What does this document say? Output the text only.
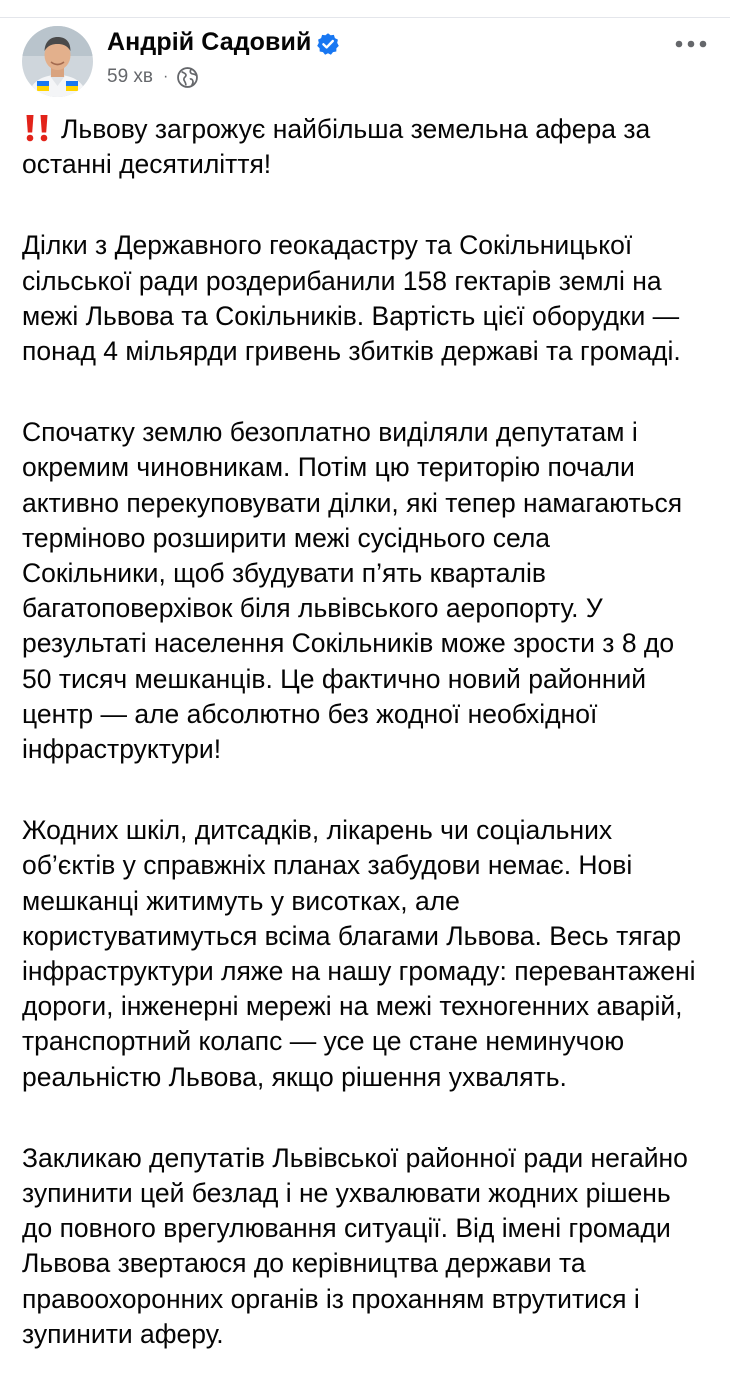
Андрій Садовий
59 хв ·

Львову загрожує найбільша земельна афера за
останні десятиліття!

Ділки з Державного геокадастру та Сокільницької
сільської ради роздерибанили 158 гектарів землі на
межі Львова та Сокільників. Вартість цієї оборудки —
понад 4 мільярди гривень збитків державі та громаді.

Спочатку землю безоплатно виділяли депутатам і
окремим чиновникам. Потім цю територію почали
активно перекуповувати ділки, які тепер намагаються
терміново розширити межі сусіднього села
Сокільники, щоб збудувати п’ять кварталів
багатоповерхівок біля львівського аеропорту. У
результаті населення Сокільників може зрости з 8 до
50 тисяч мешканців. Це фактично новий районний
центр — але абсолютно без жодної необхідної
інфраструктури!

Жодних шкіл, дитсадків, лікарень чи соціальних
об’єктів у справжніх планах забудови немає. Нові
мешканці житимуть у висотках, але
користуватимуться всіма благами Львова. Весь тягар
інфраструктури ляже на нашу громаду: перевантажені
дороги, інженерні мережі на межі техногенних аварій,
транспортний колапс — усе це стане неминучою
реальністю Львова, якщо рішення ухвалять.

Закликаю депутатів Львівської районної ради негайно
зупинити цей безлад і не ухвалювати жодних рішень
до повного врегулювання ситуації. Від імені громади
Львова звертаюся до керівництва держави та
правоохоронних органів із проханням втрутитися і
зупинити аферу.
